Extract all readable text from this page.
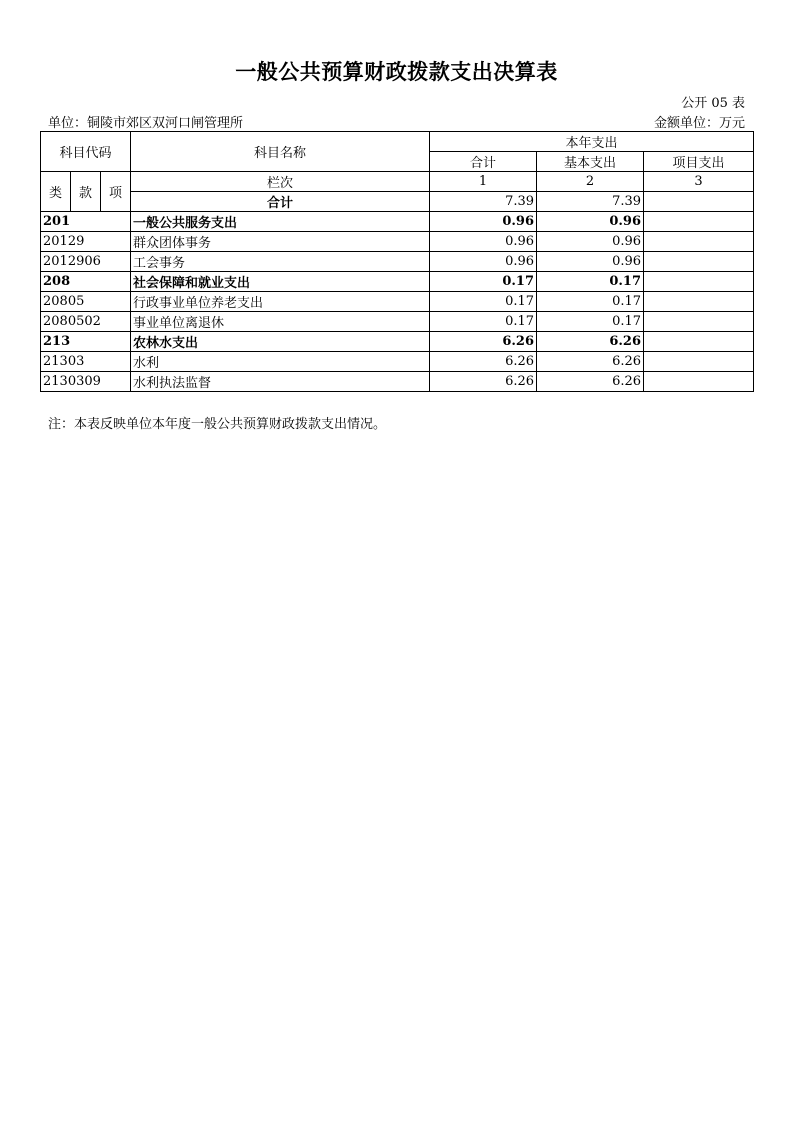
一般公共预算财政拨款支出决算表
公开 05 表
单位：铜陵市郊区双河口闸管理所	金额单位：万元
科目代码			科目名称	本年支出		
				合计	基本支出	项目支出
类	款	项	栏次	1	2	3
			合计	7.39	7.39	
201			一般公共服务支出	0.96	0.96	
20129			群众团体事务	0.96	0.96	
2012906			工会事务	0.96	0.96	
208			社会保障和就业支出	0.17	0.17	
20805			行政事业单位养老支出	0.17	0.17	
2080502			事业单位离退休	0.17	0.17	
213			农林水支出	6.26	6.26	
21303			水利	6.26	6.26	
2130309			水利执法监督	6.26	6.26	
注：本表反映单位本年度一般公共预算财政拨款支出情况。
